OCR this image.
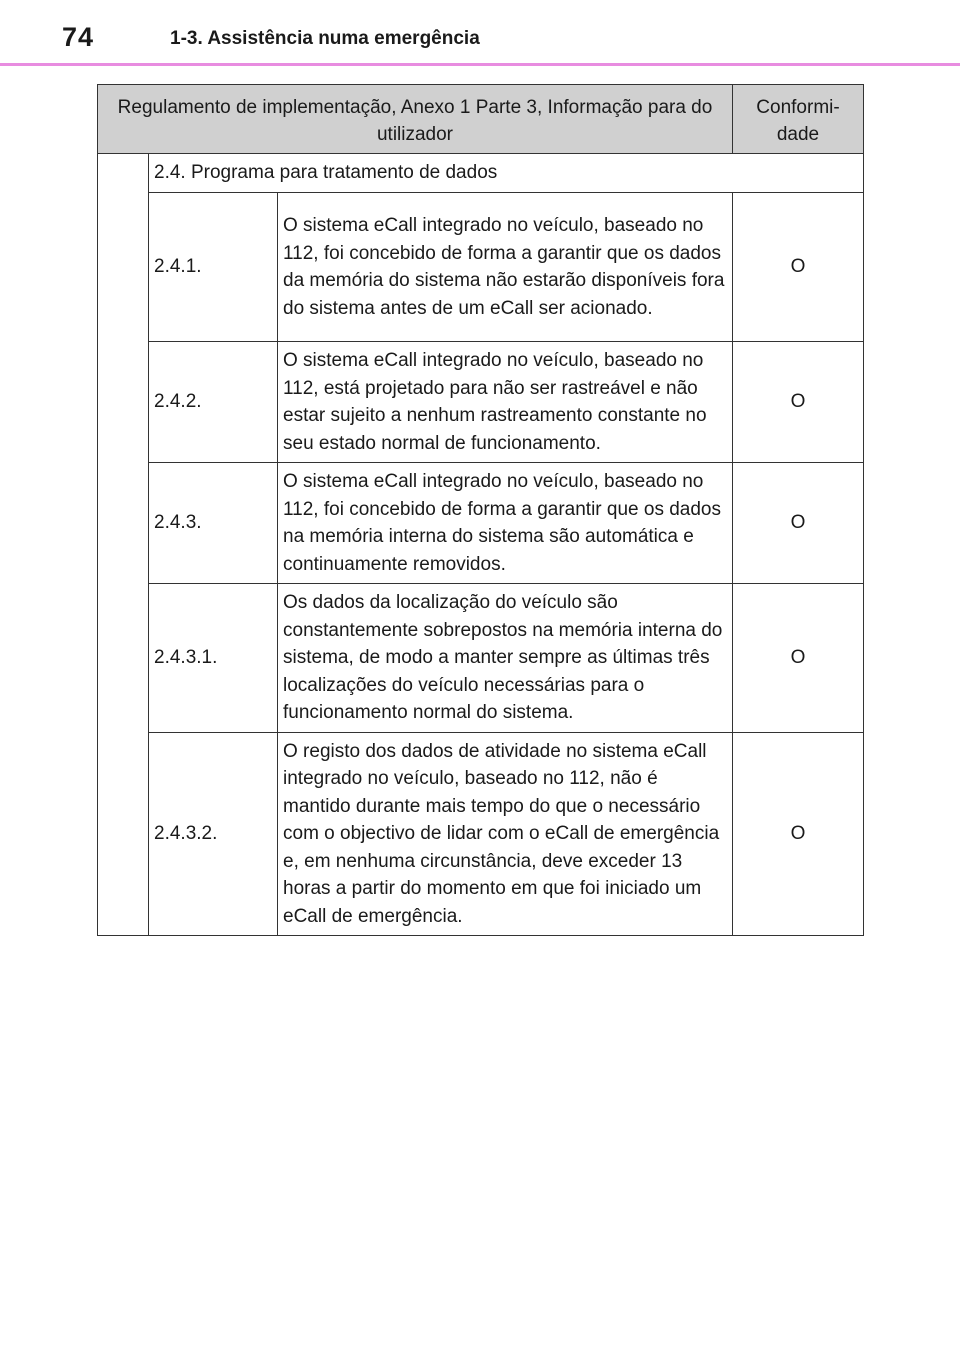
74	1-3. Assistência numa emergência
Regulamento de implementação, Anexo 1 Parte 3, Informação para do utilizador			Conformi-dade
	2.4. Programa para tratamento de dados		
	2.4.1.	O sistema eCall integrado no veículo, baseado no 112, foi concebido de forma a garantir que os dados da memória do sistema não estarão disponíveis fora do sistema antes de um eCall ser acionado.	O
	2.4.2.	O sistema eCall integrado no veículo, baseado no 112, está projetado para não ser rastreável e não estar sujeito a nenhum rastreamento constante no seu estado normal de funcionamento.	O
	2.4.3.	O sistema eCall integrado no veículo, baseado no 112, foi concebido de forma a garantir que os dados na memória interna do sistema são automática e continuamente removidos.	O
	2.4.3.1.	Os dados da localização do veículo são constantemente sobrepostos na memória interna do sistema, de modo a manter sempre as últimas três localizações do veículo necessárias para o funcionamento normal do sistema.	O
	2.4.3.2.	O registo dos dados de atividade no sistema eCall integrado no veículo, baseado no 112, não é mantido durante mais tempo do que o necessário com o objectivo de lidar com o eCall de emergência e, em nenhuma circunstância, deve exceder 13 horas a partir do momento em que foi iniciado um eCall de emergência.	O
